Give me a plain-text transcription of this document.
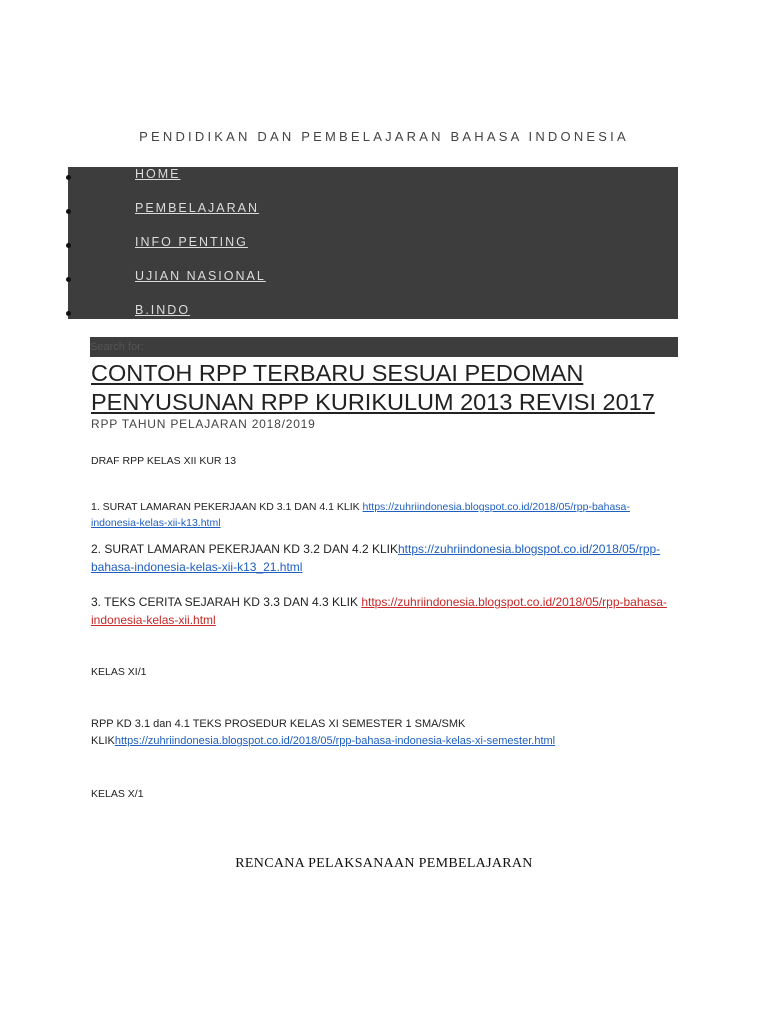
PENDIDIKAN DAN PEMBELAJARAN BAHASA INDONESIA
HOME
PEMBELAJARAN
INFO PENTING
UJIAN NASIONAL
B.INDO
Search for:
CONTOH RPP TERBARU SESUAI PEDOMAN
PENYUSUNAN RPP KURIKULUM 2013 REVISI 2017
RPP TAHUN PELAJARAN 2018/2019
DRAF RPP KELAS XII KUR 13
1. SURAT LAMARAN PEKERJAAN KD 3.1 DAN 4.1 KLIK https://zuhriindonesia.blogspot.co.id/2018/05/rpp-bahasa-
indonesia-kelas-xii-k13.html
2. SURAT LAMARAN PEKERJAAN KD 3.2 DAN 4.2 KLIKhttps://zuhriindonesia.blogspot.co.id/2018/05/rpp-
bahasa-indonesia-kelas-xii-k13_21.html
3. TEKS CERITA SEJARAH KD 3.3 DAN 4.3 KLIK https://zuhriindonesia.blogspot.co.id/2018/05/rpp-bahasa-
indonesia-kelas-xii.html
KELAS XI/1
RPP KD 3.1 dan 4.1 TEKS PROSEDUR KELAS XI SEMESTER 1 SMA/SMK
KLIKhttps://zuhriindonesia.blogspot.co.id/2018/05/rpp-bahasa-indonesia-kelas-xi-semester.html
KELAS X/1
RENCANA PELAKSANAAN PEMBELAJARAN
